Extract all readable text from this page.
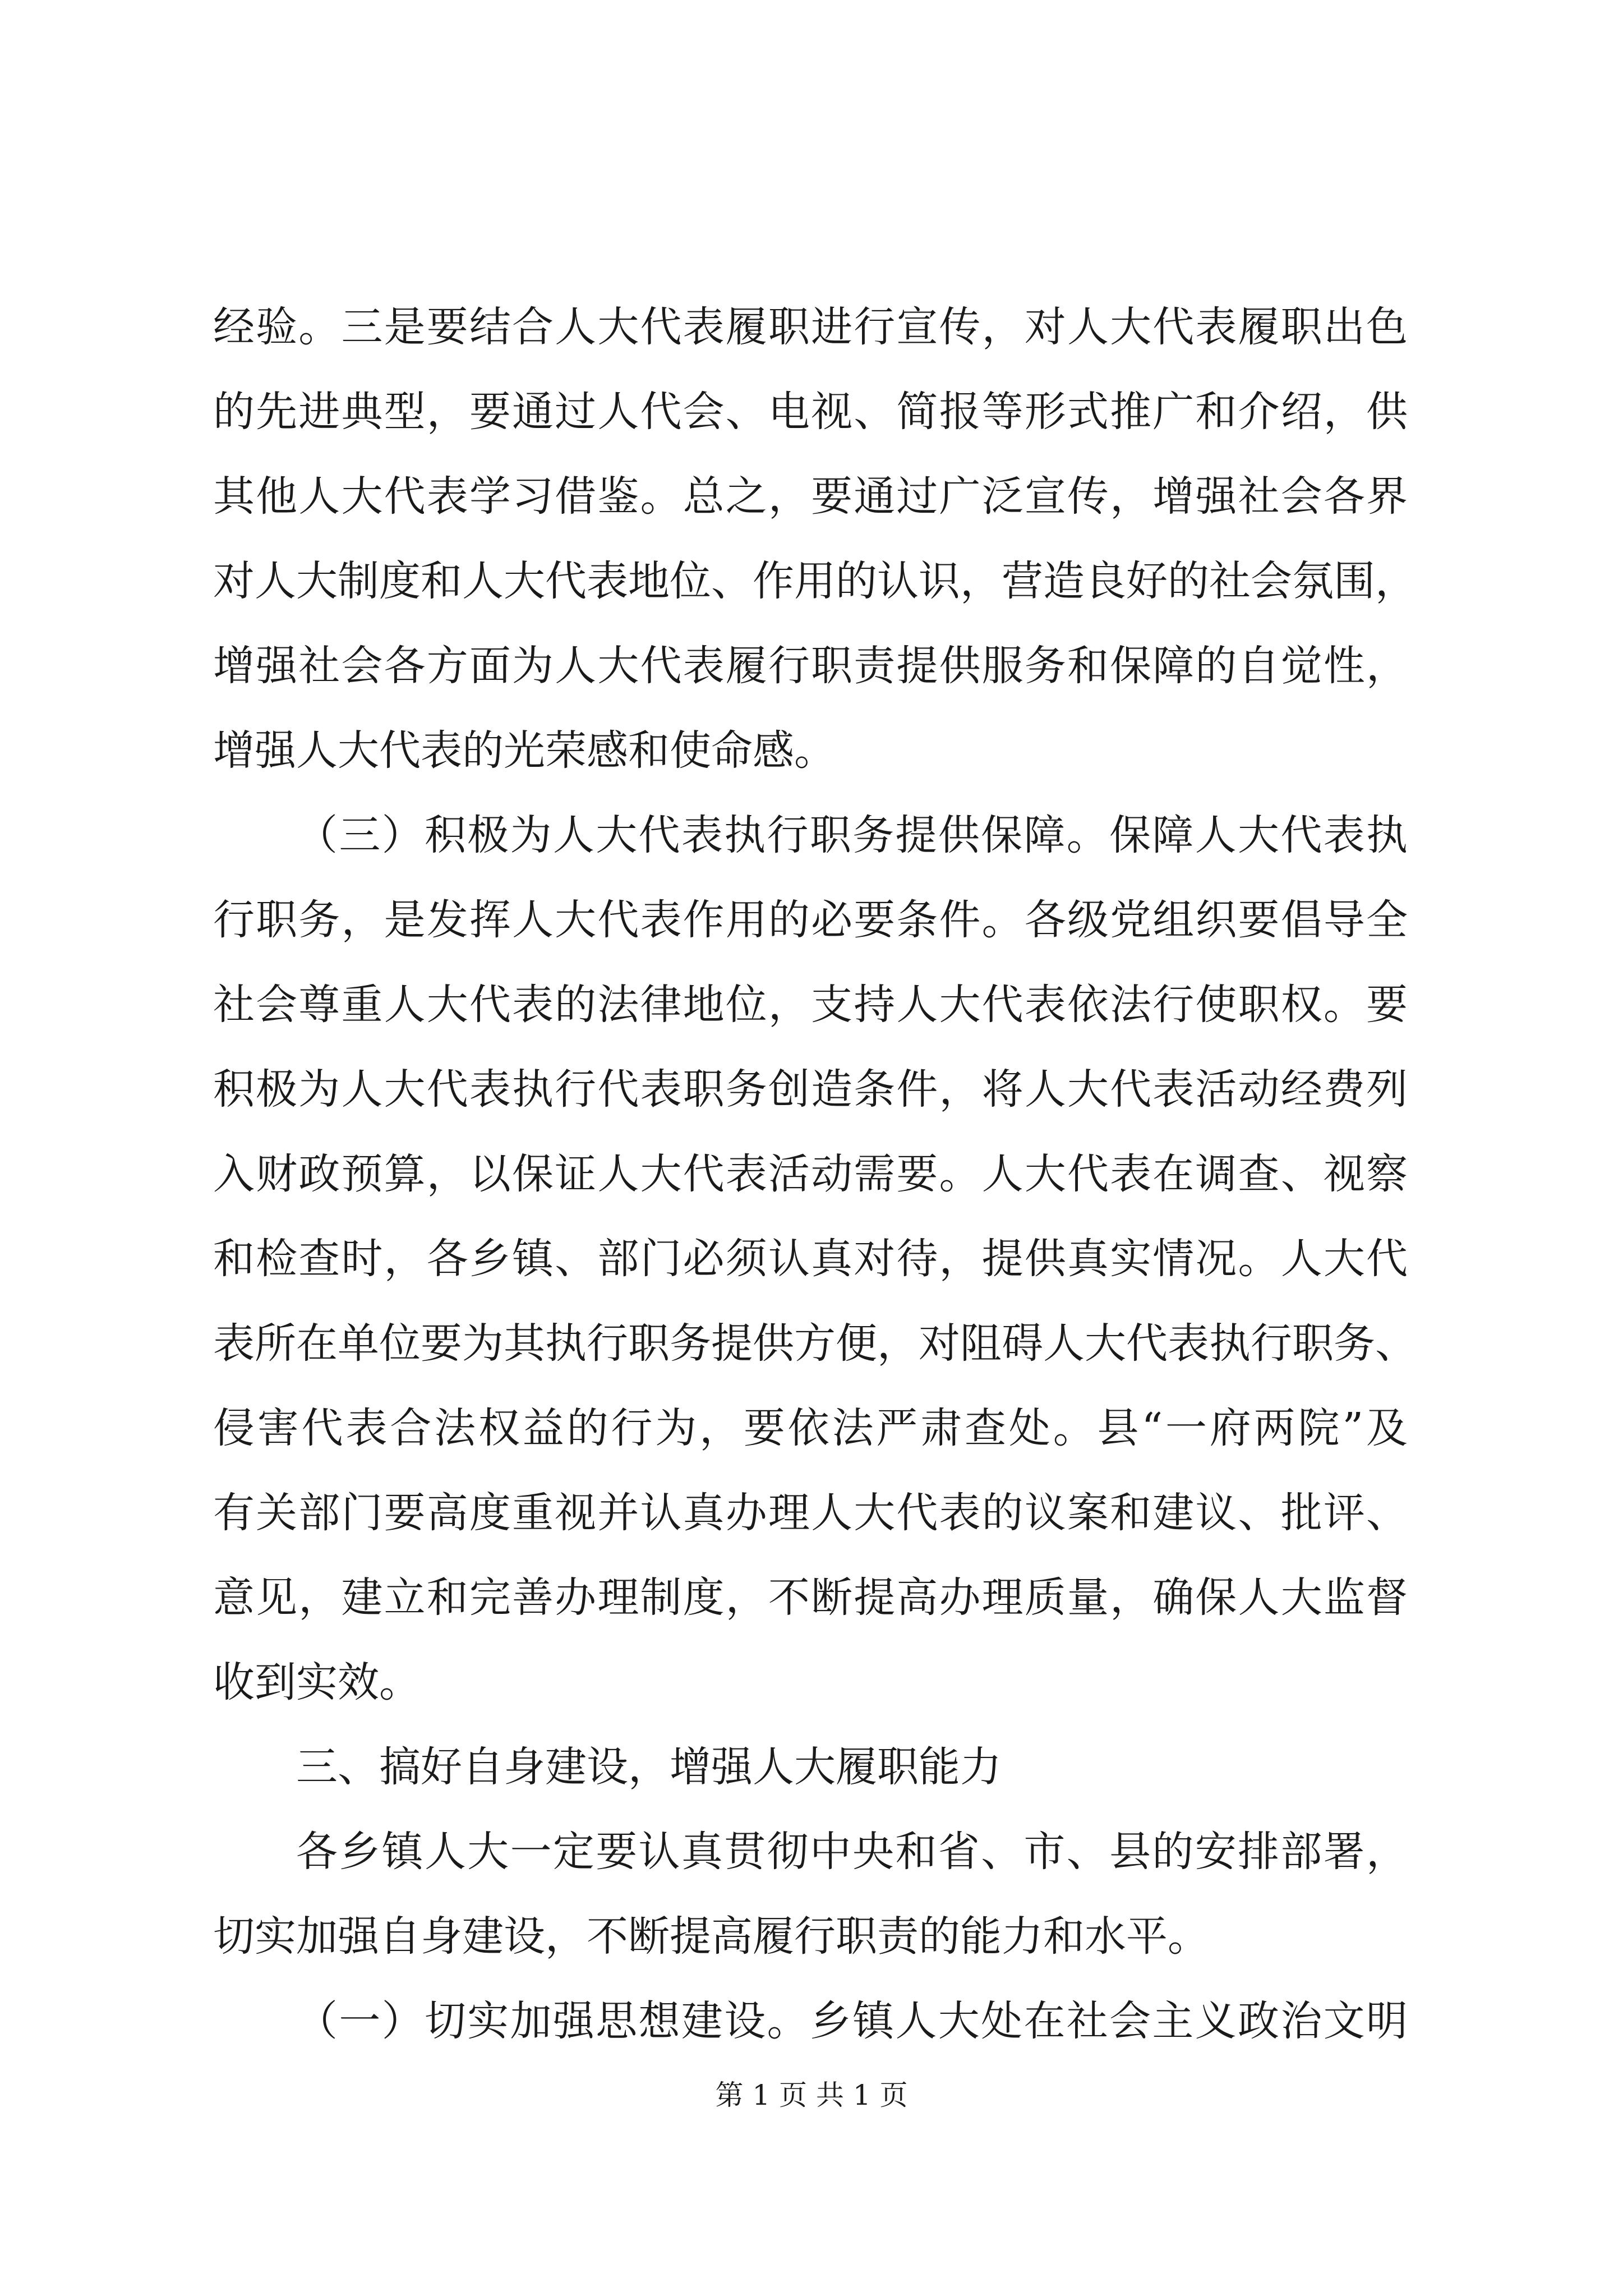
经验。三是要结合人大代表履职进行宣传，对人大代表履职出色
的先进典型，要通过人代会、电视、简报等形式推广和介绍，供
其他人大代表学习借鉴。总之，要通过广泛宣传，增强社会各界
对人大制度和人大代表地位、作用的认识，营造良好的社会氛围，
增强社会各方面为人大代表履行职责提供服务和保障的自觉性，
增强人大代表的光荣感和使命感。
（三）积极为人大代表执行职务提供保障。保障人大代表执
行职务，是发挥人大代表作用的必要条件。各级党组织要倡导全
社会尊重人大代表的法律地位，支持人大代表依法行使职权。要
积极为人大代表执行代表职务创造条件，将人大代表活动经费列
入财政预算，以保证人大代表活动需要。人大代表在调查、视察
和检查时，各乡镇、部门必须认真对待，提供真实情况。人大代
表所在单位要为其执行职务提供方便，对阻碍人大代表执行职务、
侵害代表合法权益的行为，要依法严肃查处。县“一府两院”及
有关部门要高度重视并认真办理人大代表的议案和建议、批评、
意见，建立和完善办理制度，不断提高办理质量，确保人大监督
收到实效。
三、搞好自身建设，增强人大履职能力
各乡镇人大一定要认真贯彻中央和省、市、县的安排部署，
切实加强自身建设，不断提高履行职责的能力和水平。
（一）切实加强思想建设。乡镇人大处在社会主义政治文明
第 1 页 共 1 页
